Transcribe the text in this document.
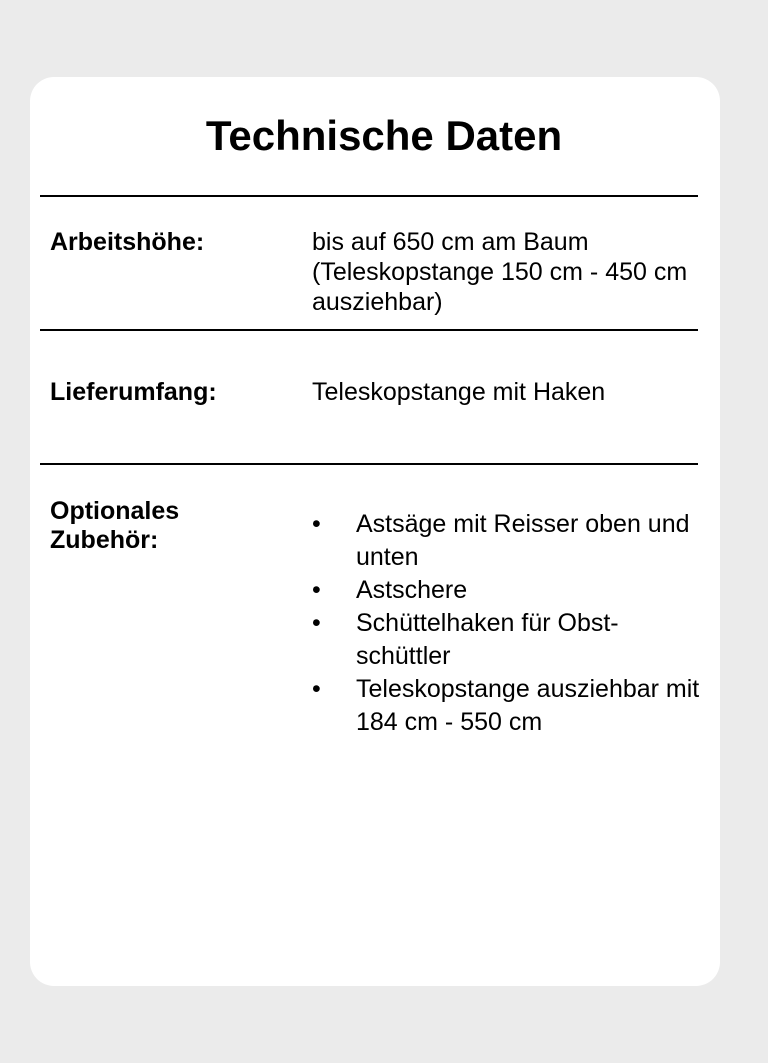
Technische Daten
Arbeitshöhe:	bis auf 650 cm am Baum (Teleskopstange 150 cm - 450 cm ausziehbar)
Lieferumfang:	Teleskopstange mit Haken
Optionales Zubehör:
• Astsäge mit Reisser oben und unten
• Astschere
• Schüttelhaken für Obst-schüttler
• Teleskopstange ausziehbar mit 184 cm - 550 cm
